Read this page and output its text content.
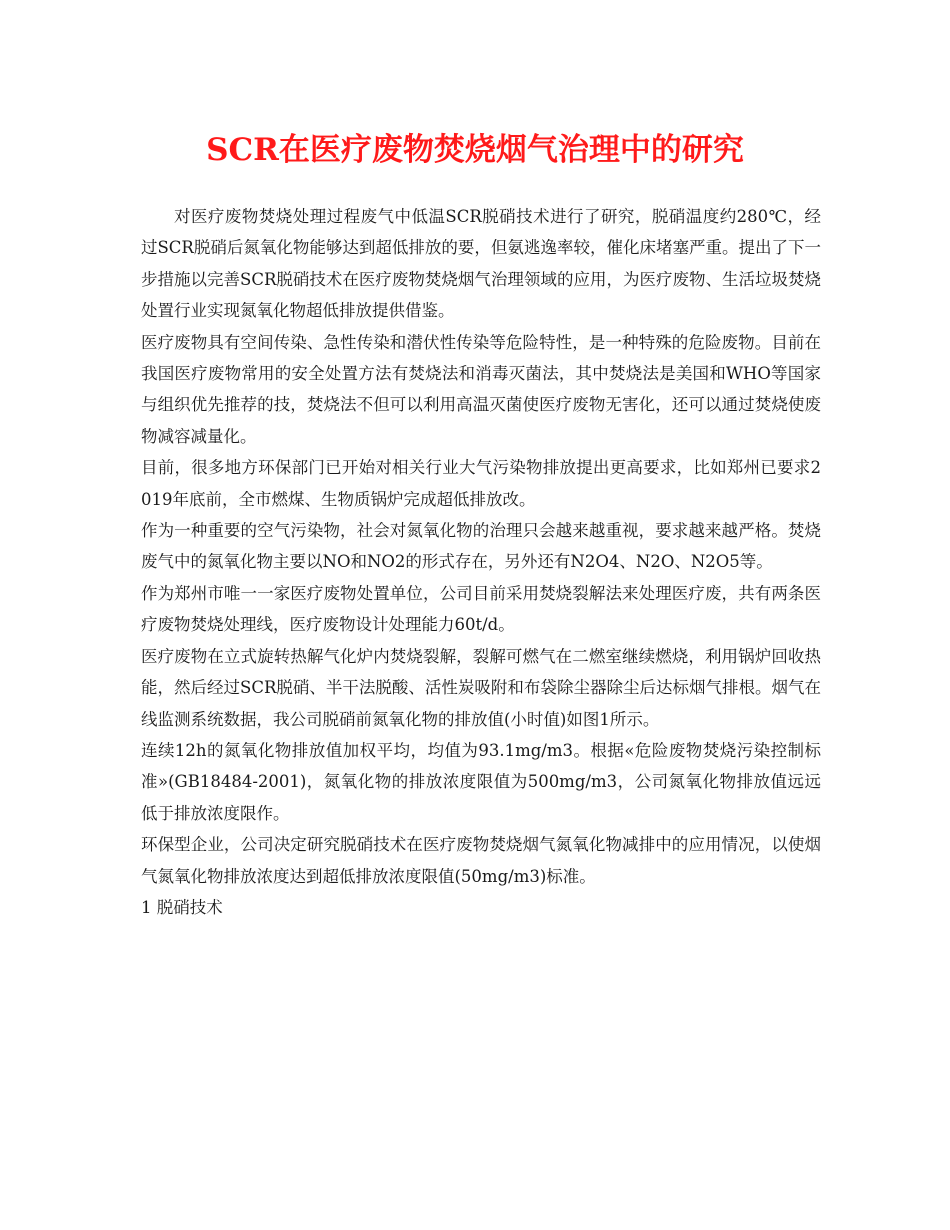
SCR在医疗废物焚烧烟气治理中的研究

对医疗废物焚烧处理过程废气中低温SCR脱硝技术进行了研究，脱硝温度约280℃，经过SCR脱硝后氮氧化物能够达到超低排放的要，但氨逃逸率较，催化床堵塞严重。提出了下一步措施以完善SCR脱硝技术在医疗废物焚烧烟气治理领域的应用，为医疗废物、生活垃圾焚烧处置行业实现氮氧化物超低排放提供借鉴。

医疗废物具有空间传染、急性传染和潜伏性传染等危险特性，是一种特殊的危险废物。目前在我国医疗废物常用的安全处置方法有焚烧法和消毒灭菌法，其中焚烧法是美国和WHO等国家与组织优先推荐的技，焚烧法不但可以利用高温灭菌使医疗废物无害化，还可以通过焚烧使废物减容减量化。

目前，很多地方环保部门已开始对相关行业大气污染物排放提出更高要求，比如郑州已要求2019年底前，全市燃煤、生物质锅炉完成超低排放改。

作为一种重要的空气污染物，社会对氮氧化物的治理只会越来越重视，要求越来越严格。焚烧废气中的氮氧化物主要以NO和NO2的形式存在，另外还有N2O4、N2O、N2O5等。

作为郑州市唯一一家医疗废物处置单位，公司目前采用焚烧裂解法来处理医疗废，共有两条医疗废物焚烧处理线，医疗废物设计处理能力60t/d。

医疗废物在立式旋转热解气化炉内焚烧裂解，裂解可燃气在二燃室继续燃烧，利用锅炉回收热能，然后经过SCR脱硝、半干法脱酸、活性炭吸附和布袋除尘器除尘后达标烟气排根。烟气在线监测系统数据，我公司脱硝前氮氧化物的排放值(小时值)如图1所示。

连续12h的氮氧化物排放值加权平均，均值为93.1mg/m3。根据«危险废物焚烧污染控制标准»(GB18484-2001)，氮氧化物的排放浓度限值为500mg/m3，公司氮氧化物排放值远远低于排放浓度限作。

环保型企业，公司决定研究脱硝技术在医疗废物焚烧烟气氮氧化物减排中的应用情况，以使烟气氮氧化物排放浓度达到超低排放浓度限值(50mg/m3)标准。

1 脱硝技术
